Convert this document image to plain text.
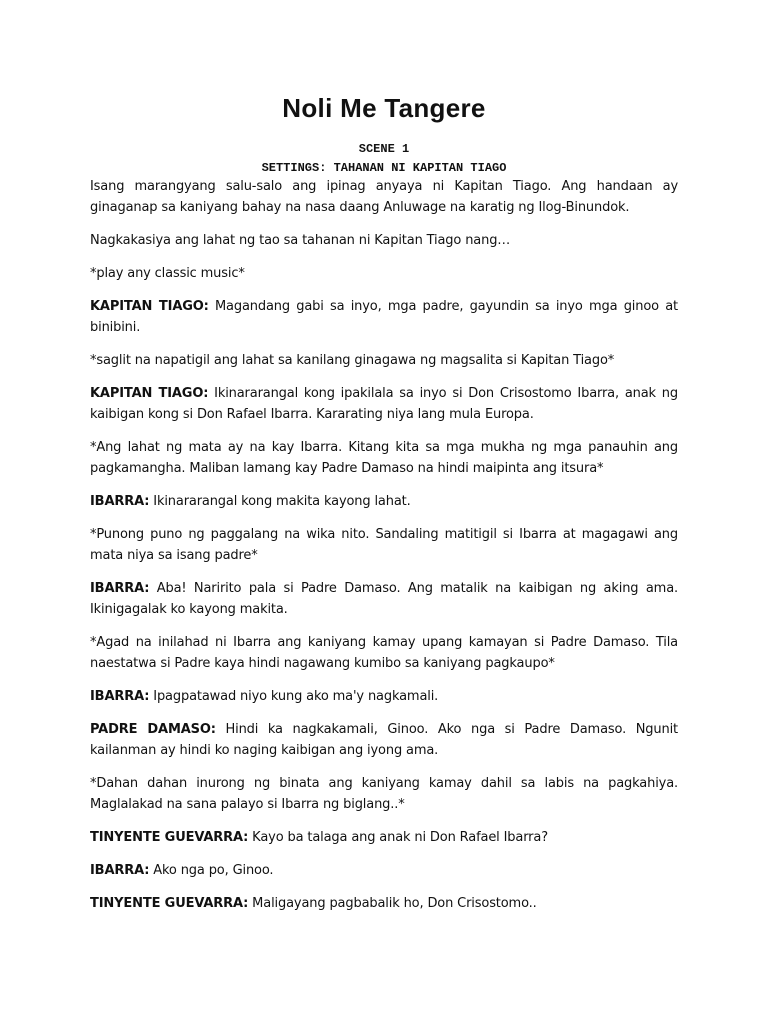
Noli Me Tangere
SCENE 1
SETTINGS: TAHANAN NI KAPITAN TIAGO

Isang marangyang salu-salo ang ipinag anyaya ni Kapitan Tiago. Ang handaan ay ginaganap sa kaniyang bahay na nasa daang Anluwage na karatig ng Ilog-Binundok.

Nagkakasiya ang lahat ng tao sa tahanan ni Kapitan Tiago nang…

*play any classic music*

KAPITAN TIAGO: Magandang gabi sa inyo, mga padre, gayundin sa inyo mga ginoo at binibini.

*saglit na napatigil ang lahat sa kanilang ginagawa ng magsalita si Kapitan Tiago*

KAPITAN TIAGO: Ikinararangal kong ipakilala sa inyo si Don Crisostomo Ibarra, anak ng kaibigan kong si Don Rafael Ibarra. Kararating niya lang mula Europa.

*Ang lahat ng mata ay na kay Ibarra. Kitang kita sa mga mukha ng mga panauhin ang pagkamangha. Maliban lamang kay Padre Damaso na hindi maipinta ang itsura*

IBARRA: Ikinararangal kong makita kayong lahat.

*Punong puno ng paggalang na wika nito. Sandaling matitigil si Ibarra at magagawi ang mata niya sa isang padre*

IBARRA: Aba! Naririto pala si Padre Damaso. Ang matalik na kaibigan ng aking ama. Ikinigagalak ko kayong makita.

*Agad na inilahad ni Ibarra ang kaniyang kamay upang kamayan si Padre Damaso. Tila naestatwa si Padre kaya hindi nagawang kumibo sa kaniyang pagkaupo*

IBARRA: Ipagpatawad niyo kung ako ma'y nagkamali.

PADRE DAMASO: Hindi ka nagkakamali, Ginoo. Ako nga si Padre Damaso. Ngunit kailanman ay hindi ko naging kaibigan ang iyong ama.

*Dahan dahan inurong ng binata ang kaniyang kamay dahil sa labis na pagkahiya. Maglalakad na sana palayo si Ibarra ng biglang..*

TINYENTE GUEVARRA: Kayo ba talaga ang anak ni Don Rafael Ibarra?

IBARRA: Ako nga po, Ginoo.

TINYENTE GUEVARRA: Maligayang pagbabalik ho, Don Crisostomo..
